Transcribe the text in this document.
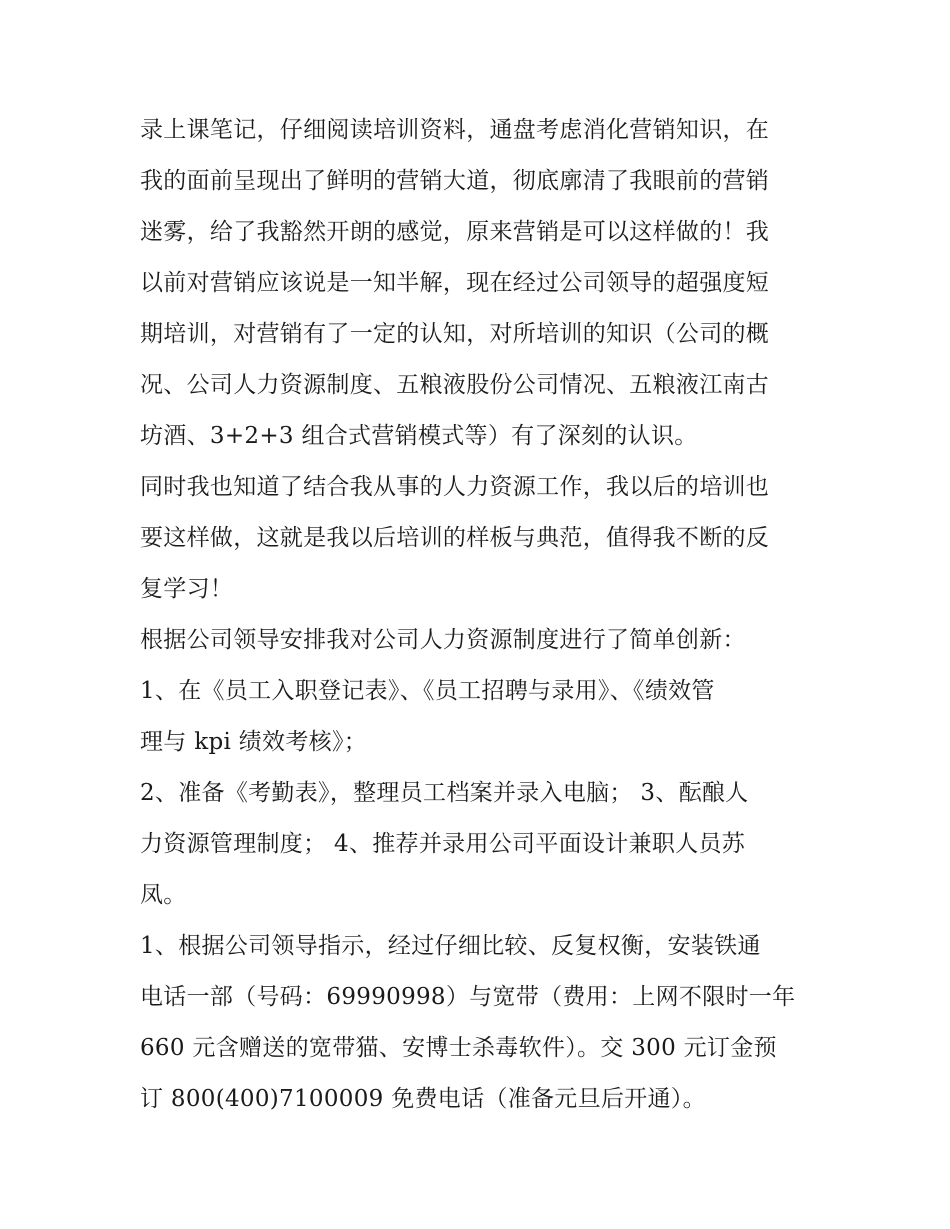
录上课笔记，仔细阅读培训资料，通盘考虑消化营销知识，在
我的面前呈现出了鲜明的营销大道，彻底廓清了我眼前的营销
迷雾，给了我豁然开朗的感觉，原来营销是可以这样做的！我
以前对营销应该说是一知半解，现在经过公司领导的超强度短
期培训，对营销有了一定的认知，对所培训的知识（公司的概
况、公司人力资源制度、五粮液股份公司情况、五粮液江南古
坊酒、3+2+3 组合式营销模式等）有了深刻的认识。
同时我也知道了结合我从事的人力资源工作，我以后的培训也
要这样做，这就是我以后培训的样板与典范，值得我不断的反
复学习！
根据公司领导安排我对公司人力资源制度进行了简单创新：
1、在《员工入职登记表》、《员工招聘与录用》、《绩效管
理与 kpi 绩效考核》；
2、准备《考勤表》，整理员工档案并录入电脑； 3、酝酿人
力资源管理制度； 4、推荐并录用公司平面设计兼职人员苏
凤。
1、根据公司领导指示，经过仔细比较、反复权衡，安装铁通
电话一部（号码：69990998）与宽带（费用：上网不限时一年
660 元含赠送的宽带猫、安博士杀毒软件）。交 300 元订金预
订 800(400)7100009 免费电话（准备元旦后开通）。
